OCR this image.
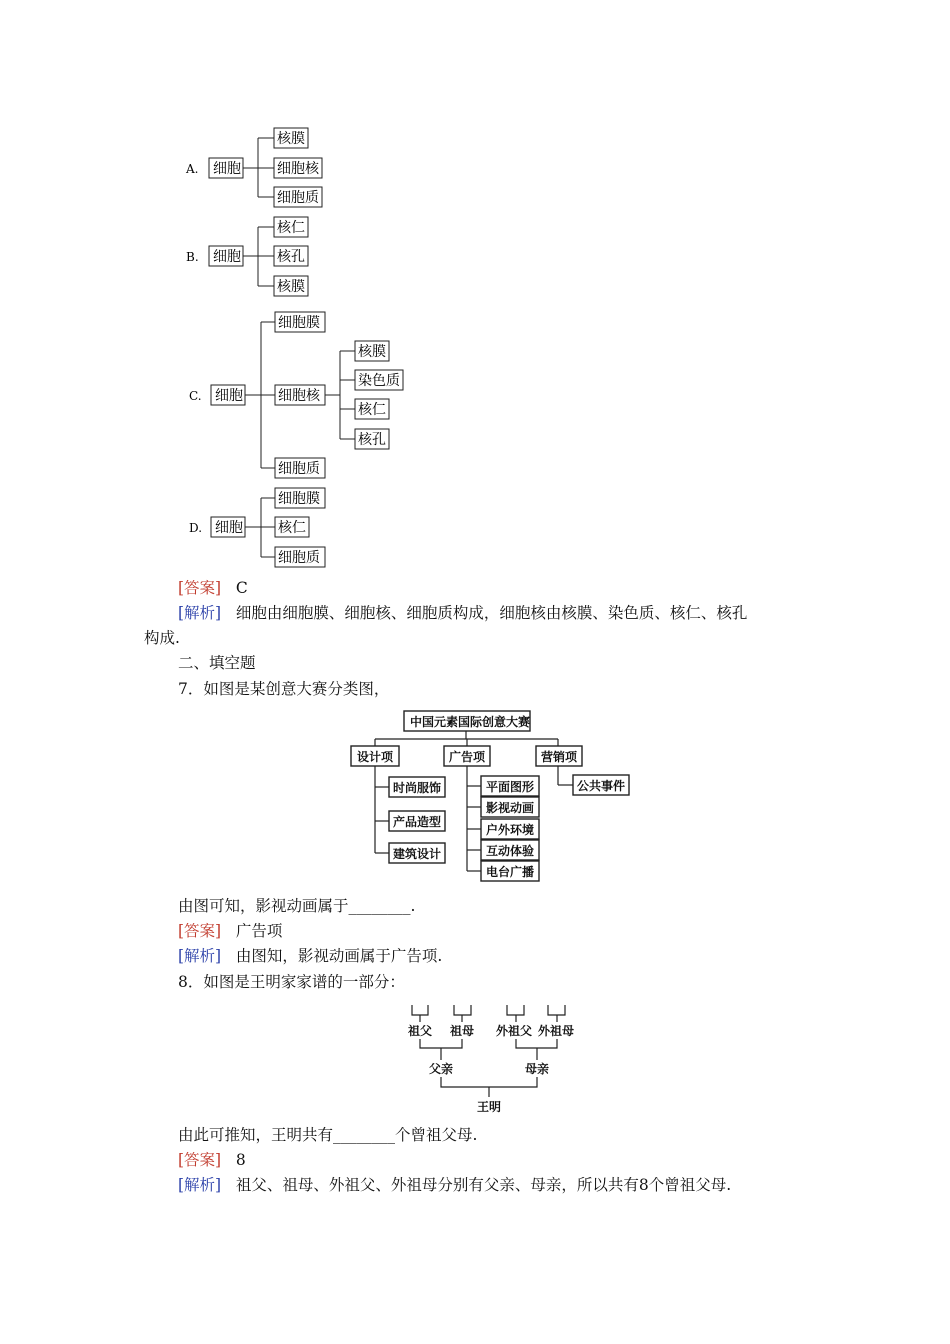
A. 细胞
核膜
细胞核
细胞质
B. 细胞
核仁
核孔
核膜
C. 细胞
细胞膜
细胞核
细胞质
核膜
染色质
核仁
核孔
D. 细胞
细胞膜
核仁
细胞质
中国元素国际创意大赛
设计项	广告项	营销项
时尚服饰
产品造型
建筑设计
平面图形
影视动画
户外环境
互动体验
电台广播
公共事件
祖父 祖母 外祖父 外祖母
父亲	母亲
王明
[答案] C
[解析] 细胞由细胞膜、细胞核、细胞质构成，细胞核由核膜、染色质、核仁、核孔
构成.
二、填空题
7．如图是某创意大赛分类图，
由图可知，影视动画属于________.
[答案] 广告项
[解析] 由图知，影视动画属于广告项.
8．如图是王明家家谱的一部分：
由此可推知，王明共有________个曾祖父母.
[答案] 8
[解析] 祖父、祖母、外祖父、外祖母分别有父亲、母亲，所以共有8个曾祖父母.
